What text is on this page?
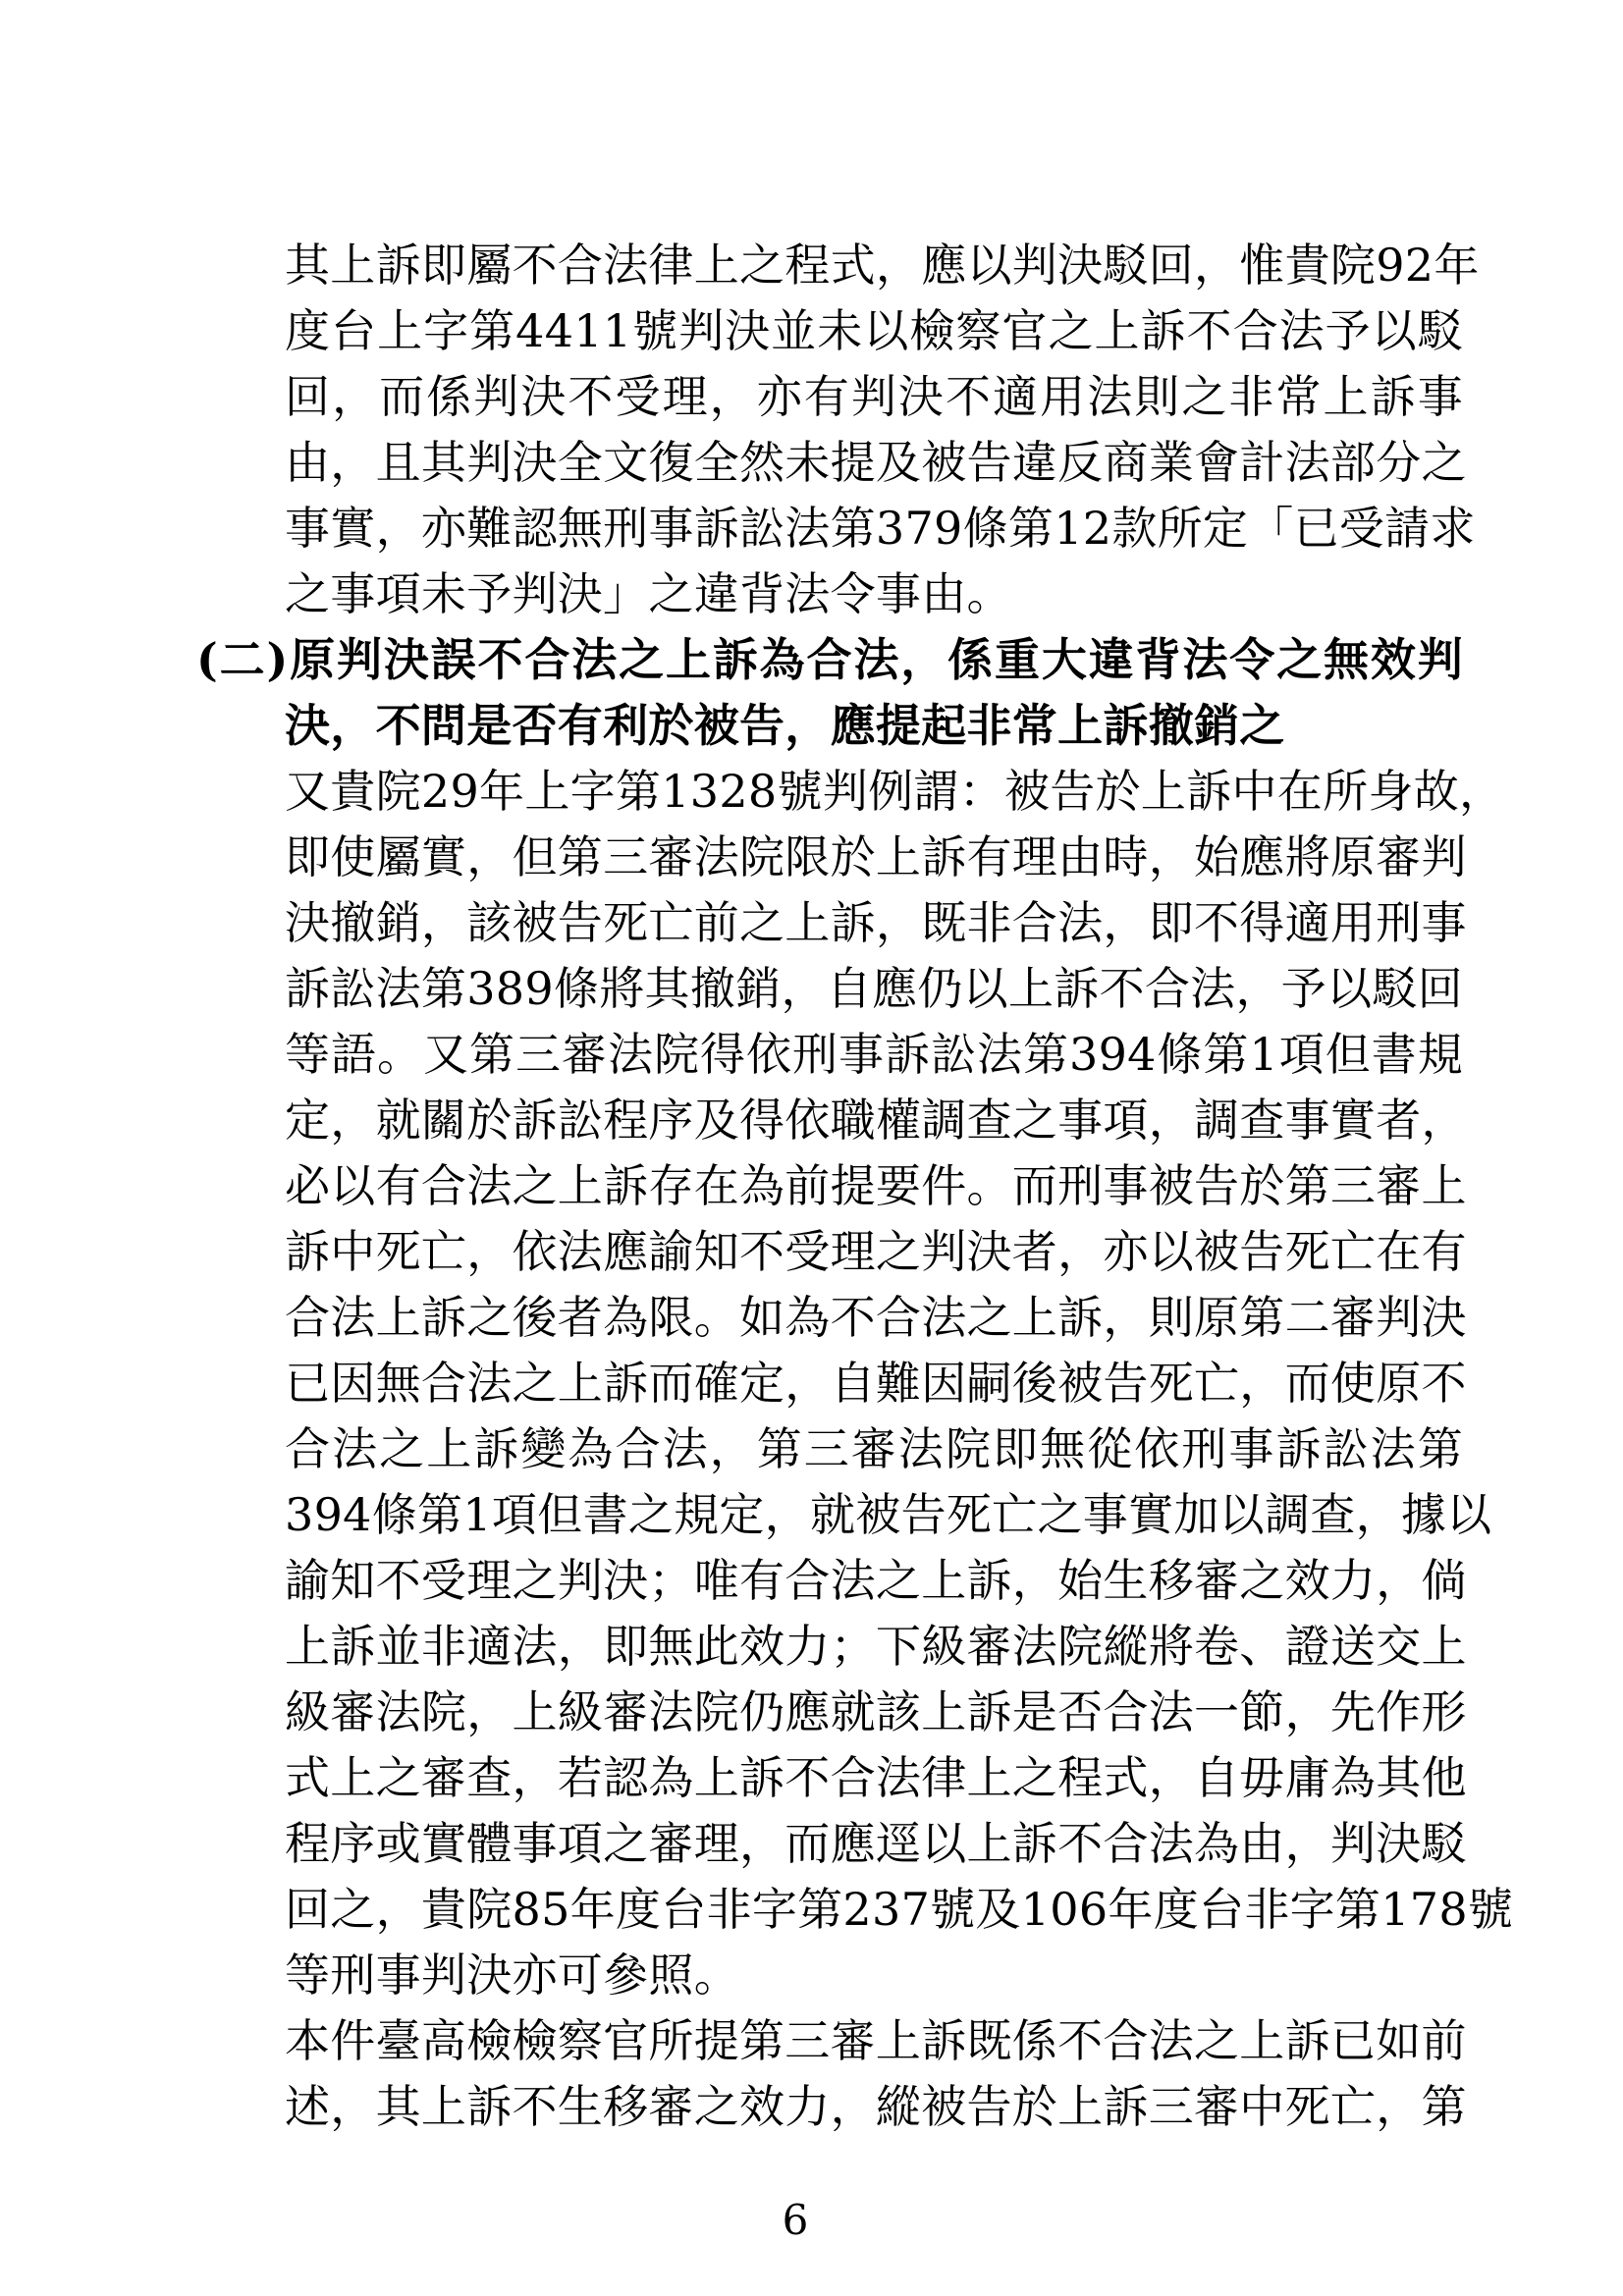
其上訴即屬不合法律上之程式，應以判決駁回，惟貴院92年
度台上字第4411號判決並未以檢察官之上訴不合法予以駁
回，而係判決不受理，亦有判決不適用法則之非常上訴事
由，且其判決全文復全然未提及被告違反商業會計法部分之
事實，亦難認無刑事訴訟法第379條第12款所定「已受請求
之事項未予判決」之違背法令事由。
(二)原判決誤不合法之上訴為合法，係重大違背法令之無效判
決，不問是否有利於被告，應提起非常上訴撤銷之
又貴院29年上字第1328號判例謂：被告於上訴中在所身故，
即使屬實，但第三審法院限於上訴有理由時，始應將原審判
決撤銷，該被告死亡前之上訴，既非合法，即不得適用刑事
訴訟法第389條將其撤銷，自應仍以上訴不合法，予以駁回
等語。又第三審法院得依刑事訴訟法第394條第1項但書規
定，就關於訴訟程序及得依職權調查之事項，調查事實者，
必以有合法之上訴存在為前提要件。而刑事被告於第三審上
訴中死亡，依法應諭知不受理之判決者，亦以被告死亡在有
合法上訴之後者為限。如為不合法之上訴，則原第二審判決
已因無合法之上訴而確定，自難因嗣後被告死亡，而使原不
合法之上訴變為合法，第三審法院即無從依刑事訴訟法第
394條第1項但書之規定，就被告死亡之事實加以調查，據以
諭知不受理之判決；唯有合法之上訴，始生移審之效力，倘
上訴並非適法，即無此效力；下級審法院縱將卷、證送交上
級審法院，上級審法院仍應就該上訴是否合法一節，先作形
式上之審查，若認為上訴不合法律上之程式，自毋庸為其他
程序或實體事項之審理，而應逕以上訴不合法為由，判決駁
回之，貴院85年度台非字第237號及106年度台非字第178號
等刑事判決亦可參照。
本件臺高檢檢察官所提第三審上訴既係不合法之上訴已如前
述，其上訴不生移審之效力，縱被告於上訴三審中死亡，第
6
